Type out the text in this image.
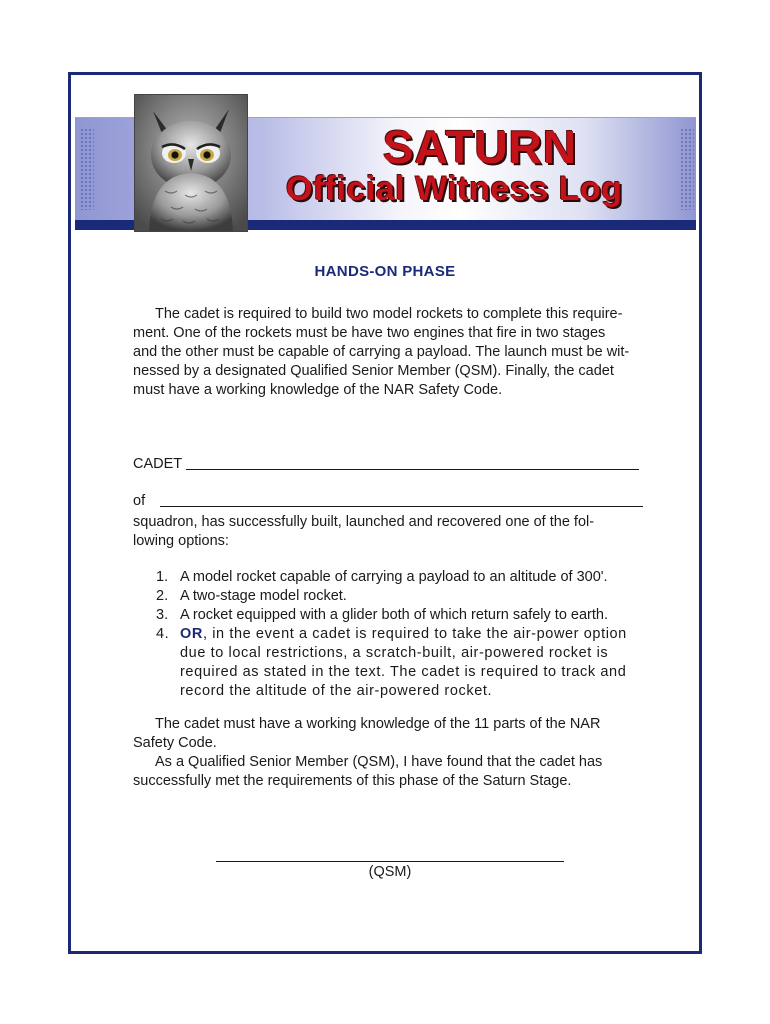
SATURN
Official Witness Log
HANDS-ON PHASE
The cadet is required to build two model rockets to complete this require-
ment. One of the rockets must be have two engines that fire in two stages
and the other must be capable of carrying a payload. The launch must be wit-
nessed by a designated Qualified Senior Member (QSM). Finally, the cadet
must have a working knowledge of the NAR Safety Code.
CADET
of
squadron, has successfully built, launched and recovered one of the fol-
lowing options:
1. A model rocket capable of carrying a payload to an altitude of 300'.
2. A two-stage model rocket.
3. A rocket equipped with a glider both of which return safely to earth.
4. OR, in the event a cadet is required to take the air-power option
due to local restrictions, a scratch-built, air-powered rocket is
required as stated in the text. The cadet is required to track and
record the altitude of the air-powered rocket.
The cadet must have a working knowledge of the 11 parts of the NAR
Safety Code.
As a Qualified Senior Member (QSM), I have found that the cadet has
successfully met the requirements of this phase of the Saturn Stage.
(QSM)
